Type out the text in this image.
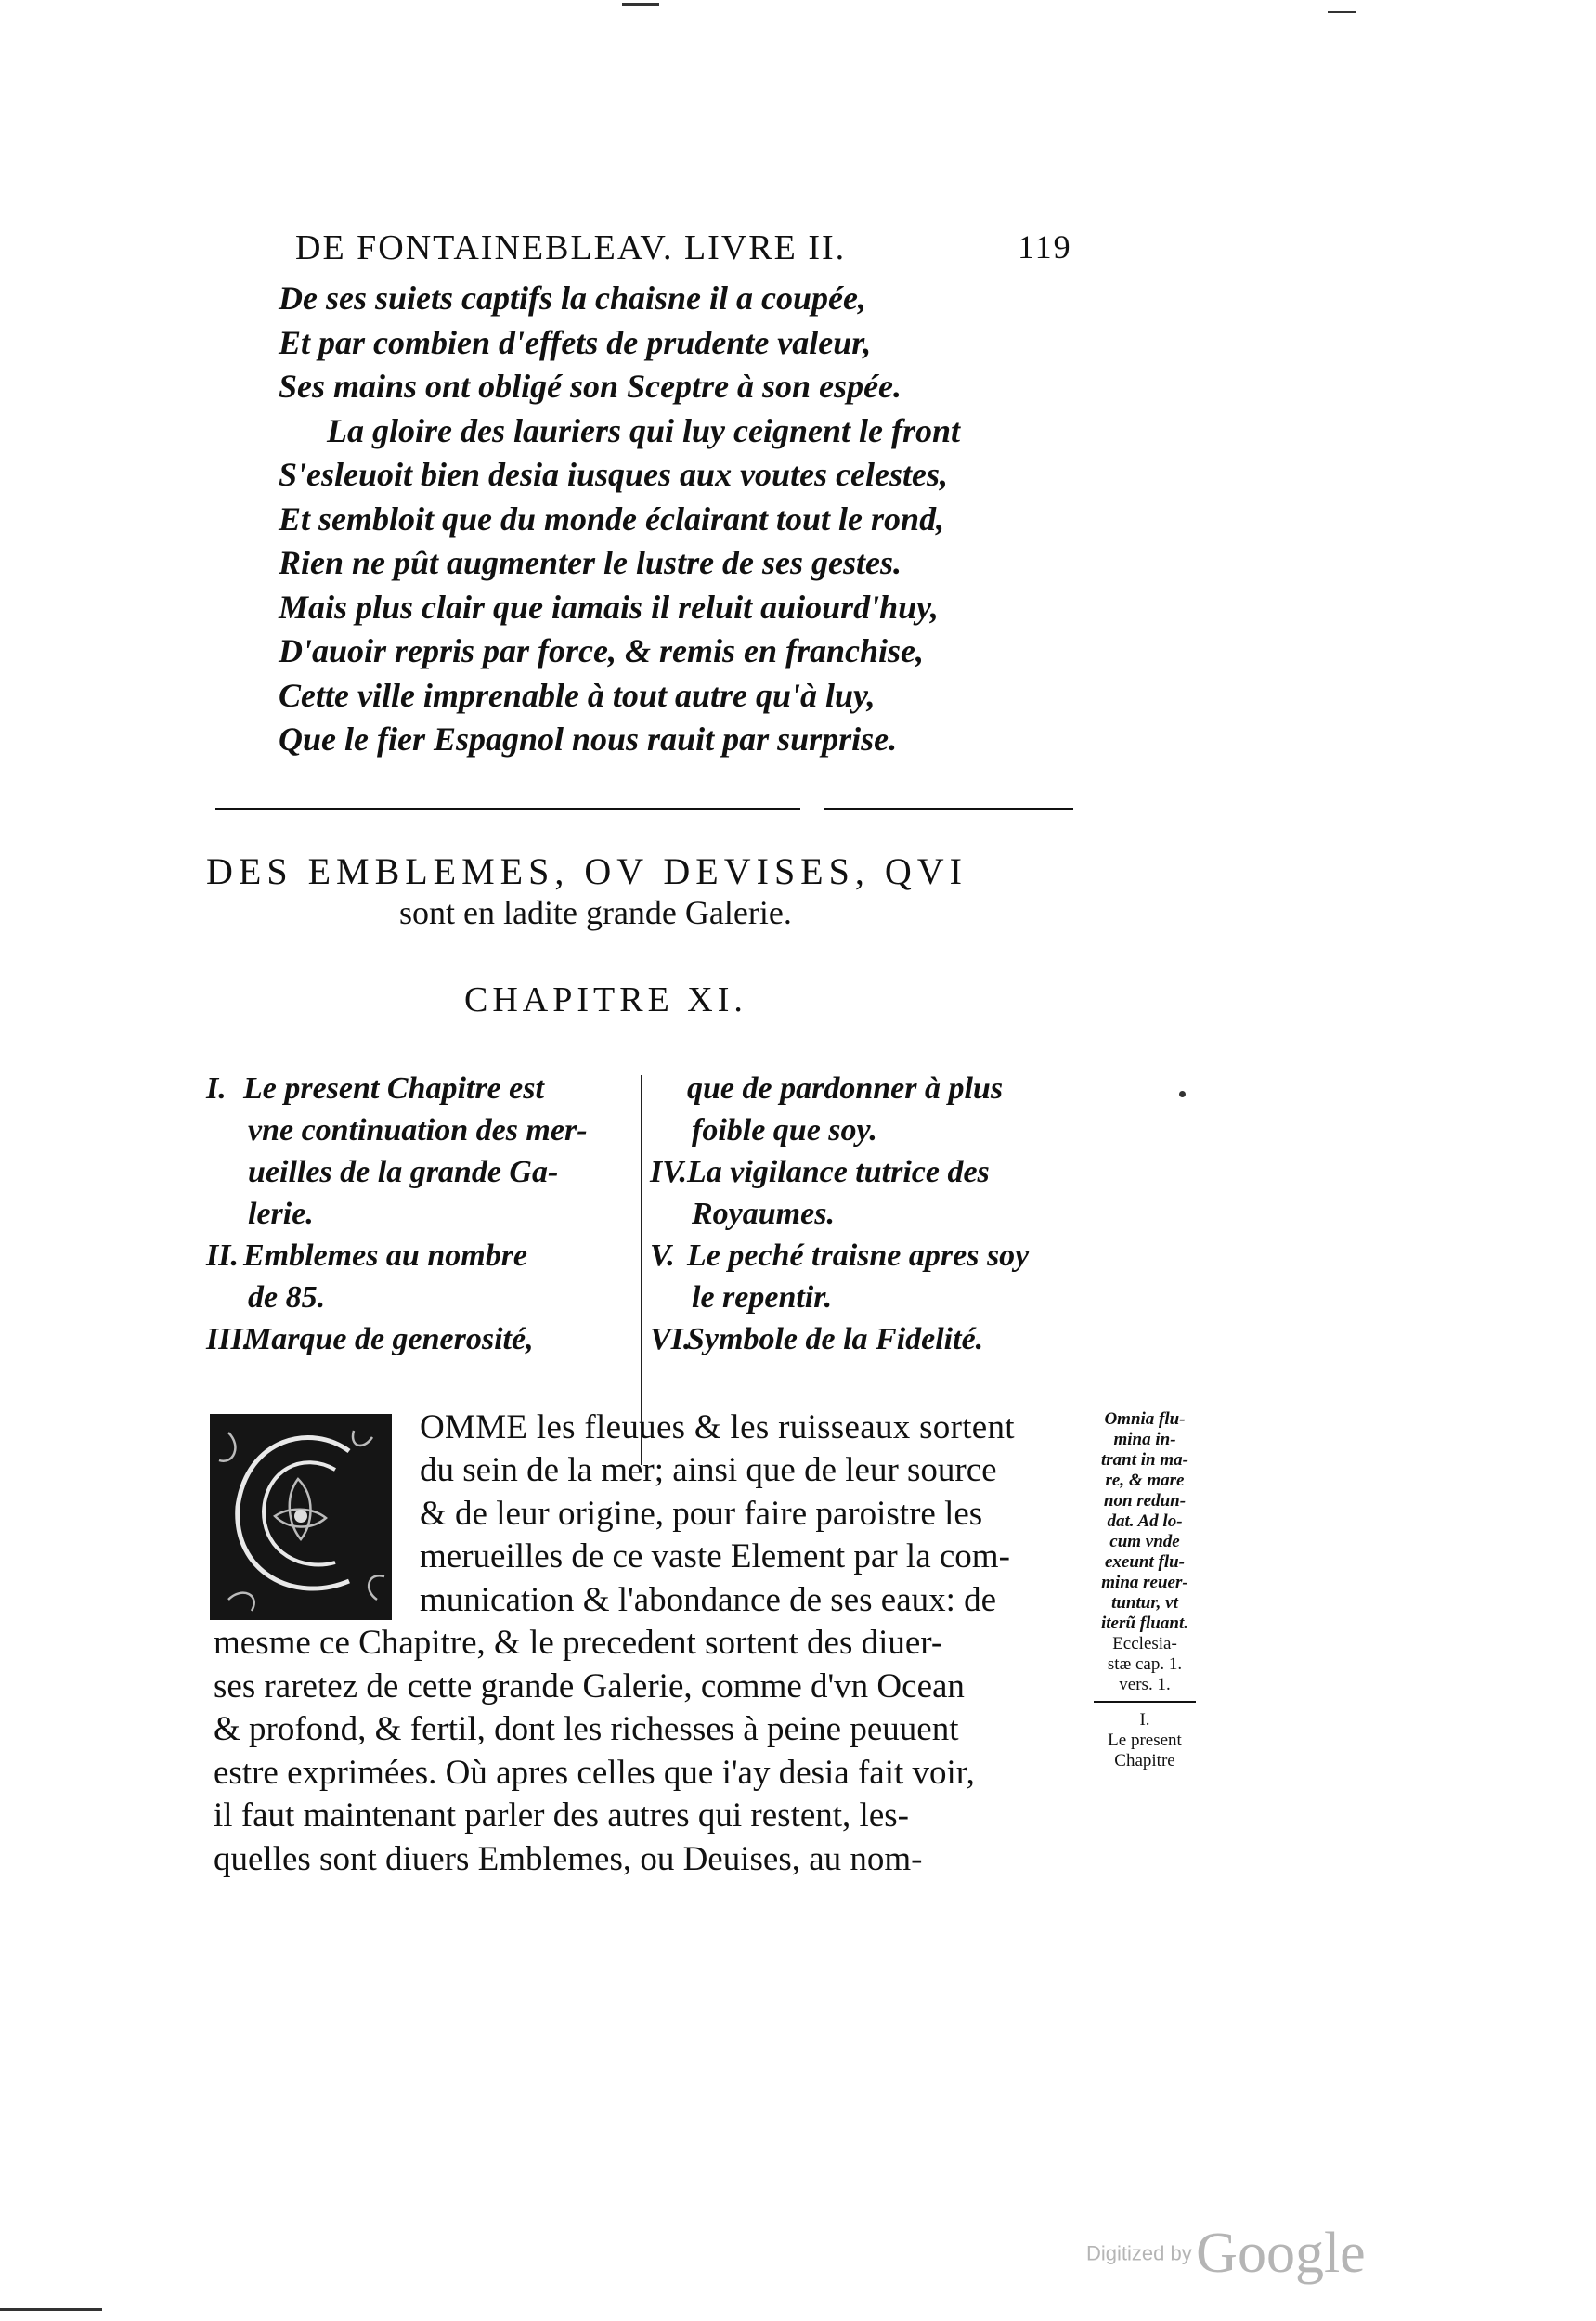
DE FONTAINEBLEAV. LIVRE II.	119
De ses suiets captifs la chaisne il a coupée,
Et par combien d'effets de prudente valeur,
Ses mains ont obligé son Sceptre à son espée.
La gloire des lauriers qui luy ceignent le front
S'esleuoit bien desia iusques aux voutes celestes,
Et sembloit que du monde éclairant tout le rond,
Rien ne pût augmenter le lustre de ses gestes.
Mais plus clair que iamais il reluit auiourd'huy,
D'auoir repris par force, & remis en franchise,
Cette ville imprenable à tout autre qu'à luy,
Que le fier Espagnol nous rauit par surprise.
DES EMBLEMES, OV DEVISES, QVI
sont en ladite grande Galerie.
CHAPITRE XI.
I. Le present Chapitre est
vne continuation des mer-
ueilles de la grande Ga-
lerie.
II. Emblemes au nombre
de 85.
III.Marque de generosité,
que de pardonner à plus
foible que soy.
IV.La vigilance tutrice des
Royaumes.
V. Le peché traisne apres soy
le repentir.
VI.Symbole de la Fidelité.
OMME les fleuues & les ruisseaux sortent
du sein de la mer; ainsi que de leur source
& de leur origine, pour faire paroistre les
merueilles de ce vaste Element par la com-
munication & l'abondance de ses eaux: de
mesme ce Chapitre, & le precedent sortent des diuer-
ses raretez de cette grande Galerie, comme d'vn Ocean
& profond, & fertil, dont les richesses à peine peuuent
estre exprimées. Où apres celles que i'ay desia fait voir,
il faut maintenant parler des autres qui restent, les-
quelles sont diuers Emblemes, ou Deuises, au nom-
Omnia flu-
mina in-
trant in ma-
re, & mare
non redun-
dat. Ad lo-
cum vnde
exeunt flu-
mina reuer-
tuntur, vt
iterũ fluant.
Ecclesia-
stæ cap. 1.
vers. 1.
I.
Le present
Chapitre
Digitized by Google
